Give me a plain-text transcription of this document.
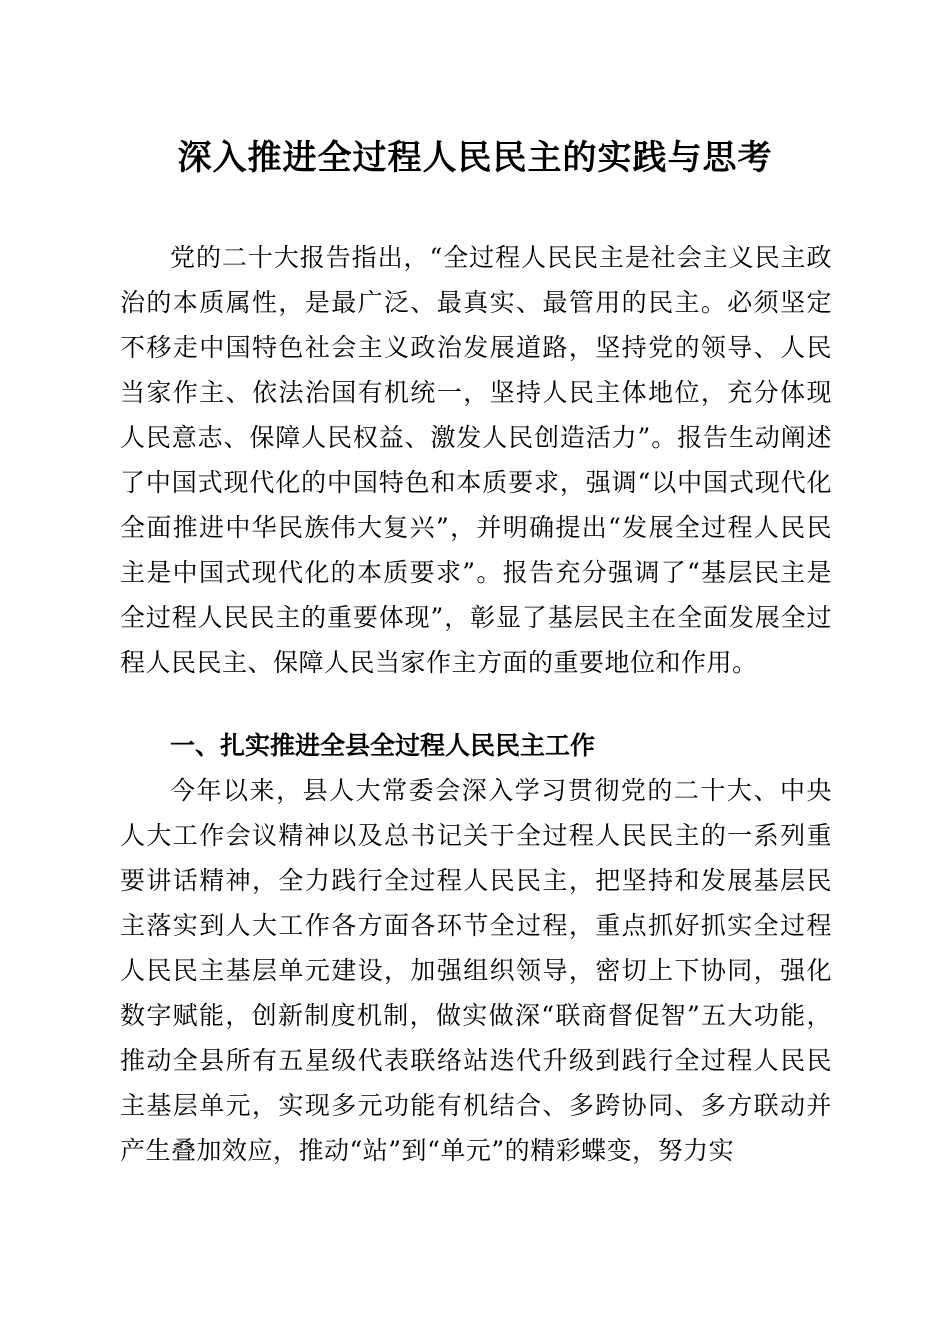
深入推进全过程人民民主的实践与思考

党的二十大报告指出，“全过程人民民主是社会主义民主政治的本质属性，是最广泛、最真实、最管用的民主。必须坚定不移走中国特色社会主义政治发展道路，坚持党的领导、人民当家作主、依法治国有机统一，坚持人民主体地位，充分体现人民意志、保障人民权益、激发人民创造活力”。报告生动阐述了中国式现代化的中国特色和本质要求，强调“以中国式现代化全面推进中华民族伟大复兴”，并明确提出“发展全过程人民民主是中国式现代化的本质要求”。报告充分强调了“基层民主是全过程人民民主的重要体现”，彰显了基层民主在全面发展全过程人民民主、保障人民当家作主方面的重要地位和作用。

一、扎实推进全县全过程人民民主工作

今年以来，县人大常委会深入学习贯彻党的二十大、中央人大工作会议精神以及总书记关于全过程人民民主的一系列重要讲话精神，全力践行全过程人民民主，把坚持和发展基层民主落实到人大工作各方面各环节全过程，重点抓好抓实全过程人民民主基层单元建设，加强组织领导，密切上下协同，强化数字赋能，创新制度机制，做实做深“联商督促智”五大功能，推动全县所有五星级代表联络站迭代升级到践行全过程人民民主基层单元，实现多元功能有机结合、多跨协同、多方联动并产生叠加效应，推动“站”到“单元”的精彩蝶变，努力实
